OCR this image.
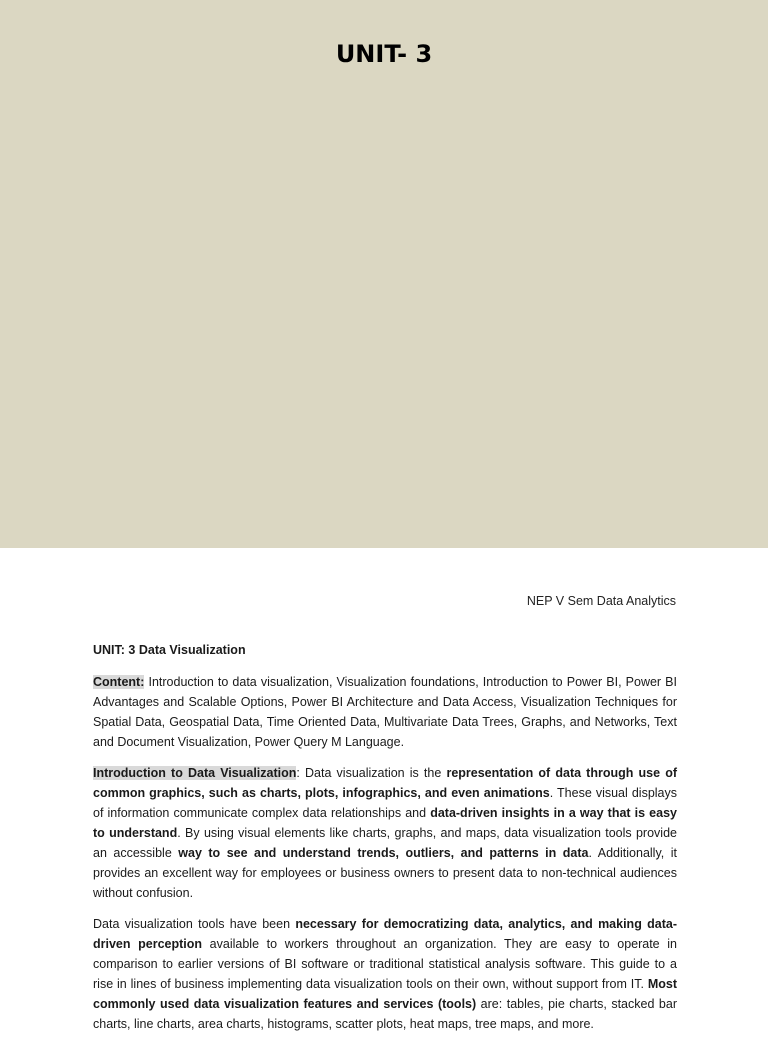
UNIT- 3
NEP V Sem Data Analytics
UNIT: 3 Data Visualization

Content: Introduction to data visualization, Visualization foundations, Introduction to Power BI, Power BI Advantages and Scalable Options, Power BI Architecture and Data Access, Visualization Techniques for Spatial Data, Geospatial Data, Time Oriented Data, Multivariate Data Trees, Graphs, and Networks, Text and Document Visualization, Power Query M Language.

Introduction to Data Visualization: Data visualization is the representation of data through use of common graphics, such as charts, plots, infographics, and even animations. These visual displays of information communicate complex data relationships and data-driven insights in a way that is easy to understand. By using visual elements like charts, graphs, and maps, data visualization tools provide an accessible way to see and understand trends, outliers, and patterns in data. Additionally, it provides an excellent way for employees or business owners to present data to non-technical audiences without confusion.

Data visualization tools have been necessary for democratizing data, analytics, and making data-driven perception available to workers throughout an organization. They are easy to operate in comparison to earlier versions of BI software or traditional statistical analysis software. This guide to a rise in lines of business implementing data visualization tools on their own, without support from IT. Most commonly used data visualization features and services (tools) are: tables, pie charts, stacked bar charts, line charts, area charts, histograms, scatter plots, heat maps, tree maps, and more.
